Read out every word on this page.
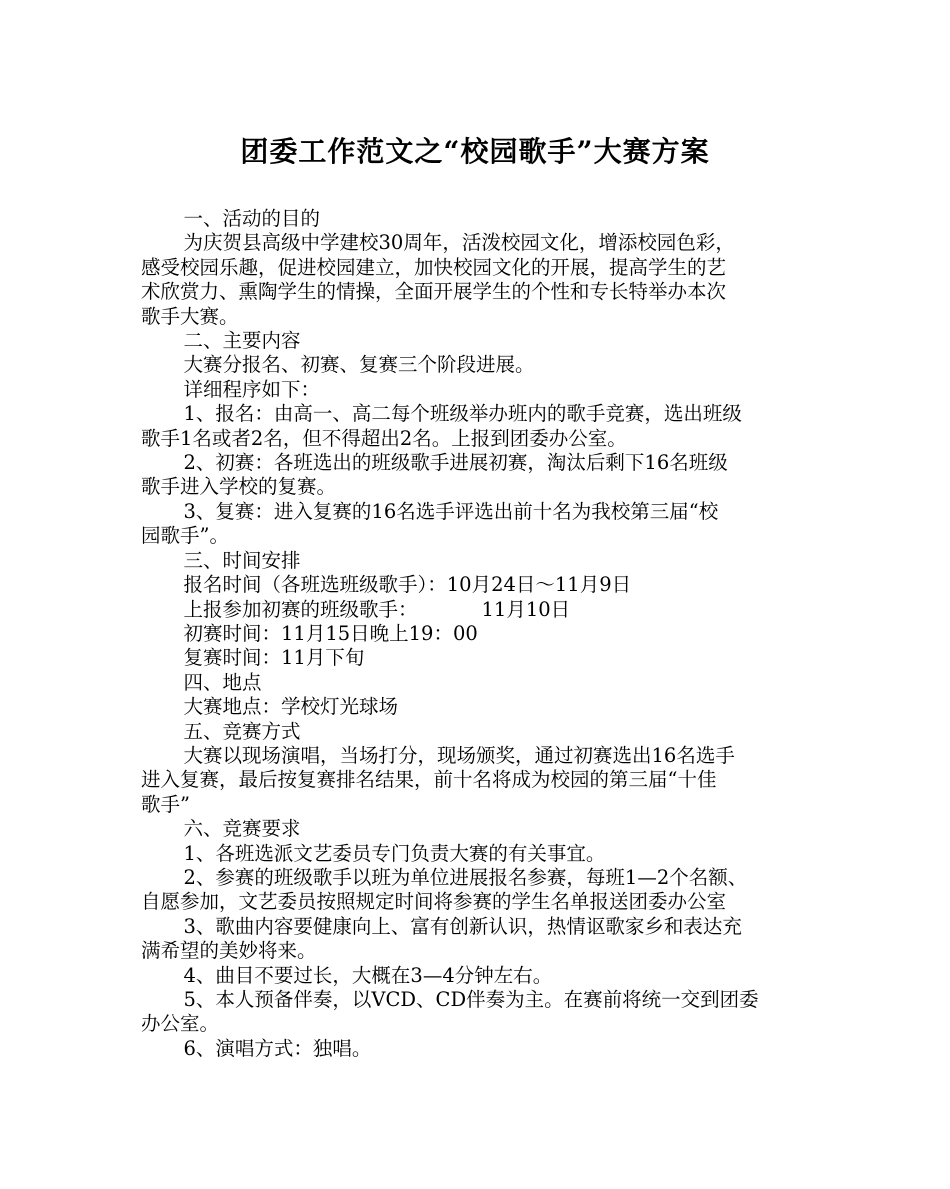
团委工作范文之“校园歌手”大赛方案
一、活动的目的
为庆贺县高级中学建校30周年，活泼校园文化，增添校园色彩，
感受校园乐趣，促进校园建立，加快校园文化的开展，提高学生的艺
术欣赏力、熏陶学生的情操，全面开展学生的个性和专长特举办本次
歌手大赛。
二、主要内容
大赛分报名、初赛、复赛三个阶段进展。
详细程序如下：
1、报名：由高一、高二每个班级举办班内的歌手竞赛，选出班级
歌手1名或者2名，但不得超出2名。上报到团委办公室。
2、初赛：各班选出的班级歌手进展初赛，淘汰后剩下16名班级
歌手进入学校的复赛。
3、复赛：进入复赛的16名选手评选出前十名为我校第三届“校
园歌手”。
三、时间安排
报名时间（各班选班级歌手）：10月24日～11月9日
上报参加初赛的班级歌手：	11月10日
初赛时间：11月15日晚上19：00
复赛时间：11月下旬
四、地点
大赛地点：学校灯光球场
五、竞赛方式
大赛以现场演唱，当场打分，现场颁奖，通过初赛选出16名选手
进入复赛，最后按复赛排名结果，前十名将成为校园的第三届“十佳
歌手”
六、竞赛要求
1、各班选派文艺委员专门负责大赛的有关事宜。
2、参赛的班级歌手以班为单位进展报名参赛，每班1—2个名额、
自愿参加，文艺委员按照规定时间将参赛的学生名单报送团委办公室
3、歌曲内容要健康向上、富有创新认识，热情讴歌家乡和表达充
满希望的美妙将来。
4、曲目不要过长，大概在3—4分钟左右。
5、本人预备伴奏，以VCD、CD伴奏为主。在赛前将统一交到团委
办公室。
6、演唱方式：独唱。
